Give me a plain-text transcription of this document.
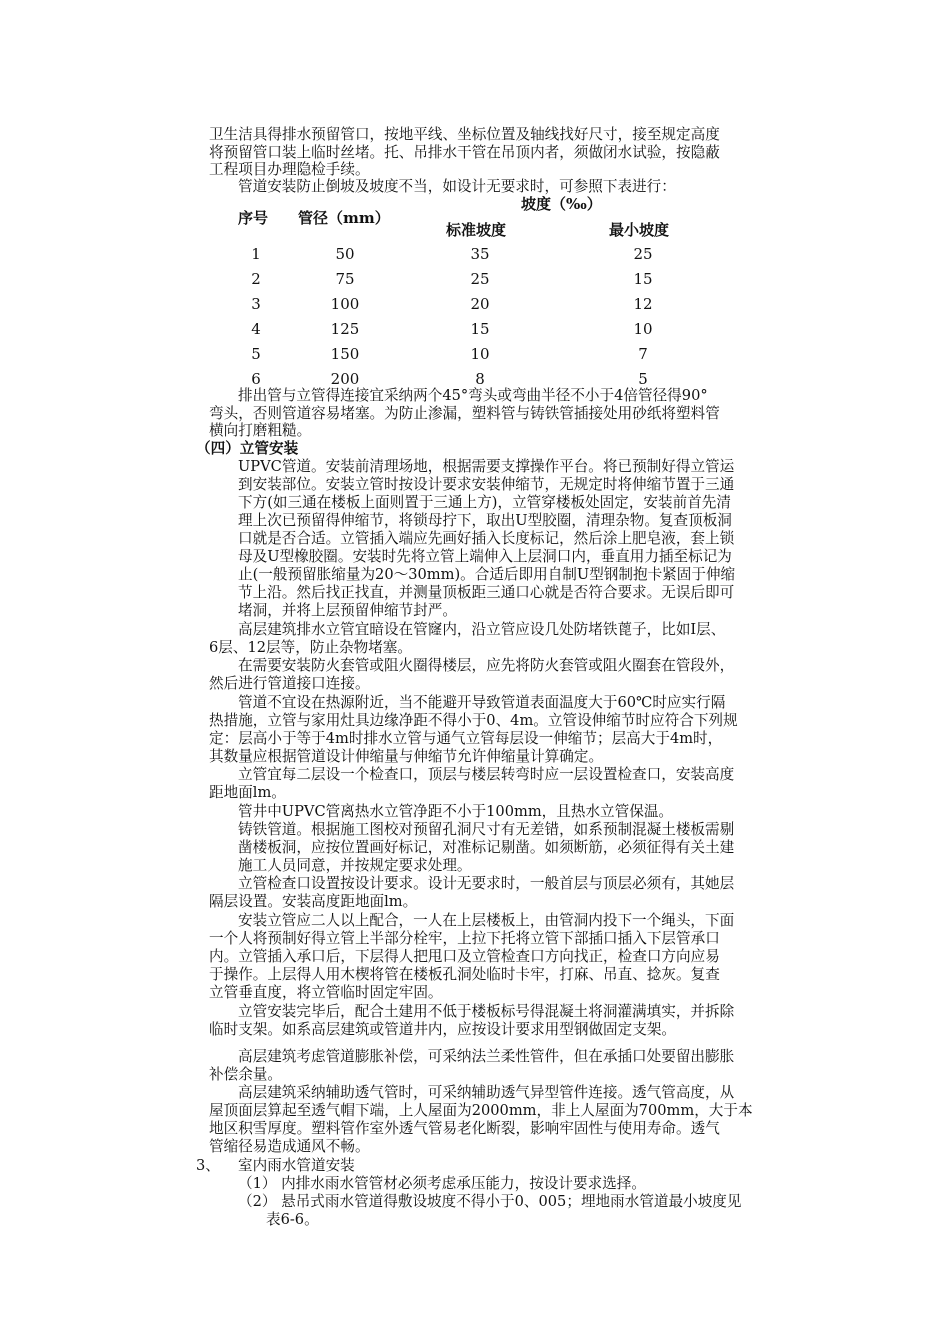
卫生洁具得排水预留管口，按地平线、坐标位置及轴线找好尺寸，接至规定高度
将预留管口装上临时丝堵。托、吊排水干管在吊顶内者，须做闭水试验，按隐蔽
工程项目办理隐检手续。
管道安装防止倒坡及坡度不当，如设计无要求时，可参照下表进行：
序号 管径（mm）
坡度（‰）
标准坡度	最小坡度
1	50	35	25
2	75	25	15
3	100	20	12
4	125	15	10
5	150	10	7
6	200	8	5
排出管与立管得连接宜采纳两个45°弯头或弯曲半径不小于4倍管径得90°
弯头，否则管道容易堵塞。为防止渗漏，塑料管与铸铁管插接处用砂纸将塑料管
横向打磨粗糙。
（四）立管安装
UPVC管道。安装前清理场地，根据需要支撑操作平台。将已预制好得立管运
到安装部位。安装立管时按设计要求安装伸缩节，无规定时将伸缩节置于三通
下方(如三通在楼板上面则置于三通上方)，立管穿楼板处固定，安装前首先清
理上次已预留得伸缩节，将锁母拧下，取出U型胶圈，清理杂物。复查顶板洞
口就是否合适。立管插入端应先画好插入长度标记，然后涂上肥皂液，套上锁
母及U型橡胶圈。安装时先将立管上端伸入上层洞口内，垂直用力插至标记为
止(一般预留胀缩量为20～30mm)。合适后即用自制U型钢制抱卡紧固于伸缩
节上沿。然后找正找直，并测量顶板距三通口心就是否符合要求。无误后即可
堵洞，并将上层预留伸缩节封严。
高层建筑排水立管宜暗设在管窿内，沿立管应设几处防堵铁蓖子，比如Ⅰ层、
6层、12层等，防止杂物堵塞。
在需要安装防火套管或阻火圈得楼层，应先将防火套管或阻火圈套在管段外，
然后进行管道接口连接。
管道不宜设在热源附近，当不能避开导致管道表面温度大于60℃时应实行隔
热措施，立管与家用灶具边缘净距不得小于0、4m。立管设伸缩节时应符合下列规
定：层高小于等于4m时排水立管与通气立管每层设一伸缩节；层高大于4m时，
其数量应根据管道设计伸缩量与伸缩节允许伸缩量计算确定。
立管宜每二层设一个检查口，顶层与楼层转弯时应一层设置检查口，安装高度
距地面lm。
管井中UPVC管离热水立管净距不小于100mm，且热水立管保温。
铸铁管道。根据施工图校对预留孔洞尺寸有无差错，如系预制混凝土楼板需剔
凿楼板洞，应按位置画好标记，对准标记剔凿。如须断筋，必须征得有关土建
施工人员同意，并按规定要求处理。
立管检查口设置按设计要求。设计无要求时，一般首层与顶层必须有，其她层
隔层设置。安装高度距地面lm。
安装立管应二人以上配合，一人在上层楼板上，由管洞内投下一个绳头，下面
一个人将预制好得立管上半部分栓牢，上拉下托将立管下部插口插入下层管承口
内。立管插入承口后，下层得人把甩口及立管检查口方向找正，检查口方向应易
于操作。上层得人用木楔将管在楼板孔洞处临时卡牢，打麻、吊直、捻灰。复查
立管垂直度，将立管临时固定牢固。
立管安装完毕后，配合土建用不低于楼板标号得混凝土将洞灌满填实，并拆除
临时支架。如系高层建筑或管道井内，应按设计要求用型钢做固定支架。
高层建筑考虑管道膨胀补偿，可采纳法兰柔性管件，但在承插口处要留出膨胀
补偿余量。
高层建筑采纳辅助透气管时，可采纳辅助透气异型管件连接。透气管高度，从
屋顶面层算起至透气帽下端，上人屋面为2000mm，非上人屋面为700mm，大于本
地区积雪厚度。塑料管作室外透气管易老化断裂，影响牢固性与使用寿命。透气
管缩径易造成通风不畅。
3、 室内雨水管道安装
（1） 内排水雨水管管材必须考虑承压能力，按设计要求选择。
（2） 悬吊式雨水管道得敷设坡度不得小于0、005；埋地雨水管道最小坡度见
表6-6。
